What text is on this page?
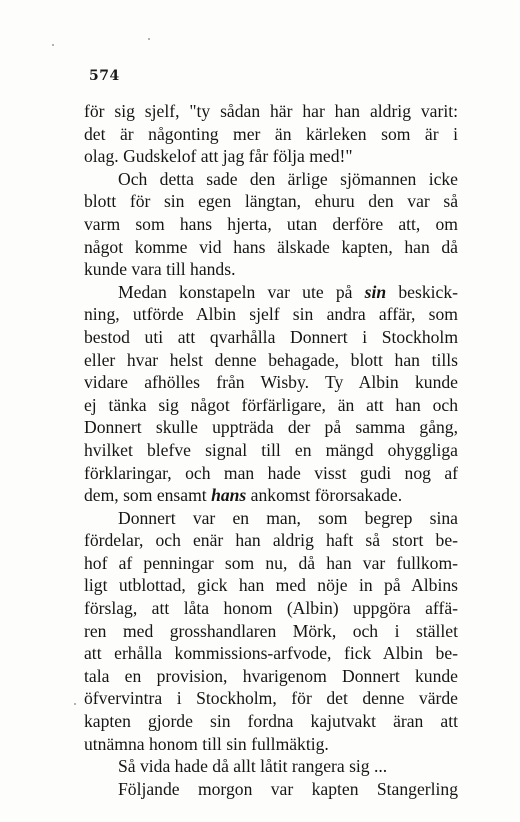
574
för sig sjelf, "ty sådan här har han aldrig varit:
det är någonting mer än kärleken som är i
olag. Gudskelof att jag får följa med!"
Och detta sade den ärlige sjömannen icke
blott för sin egen längtan, ehuru den var så
varm som hans hjerta, utan derföre att, om
något komme vid hans älskade kapten, han då
kunde vara till hands.
Medan konstapeln var ute på sin beskick-
ning, utförde Albin sjelf sin andra affär, som
bestod uti att qvarhålla Donnert i Stockholm
eller hvar helst denne behagade, blott han tills
vidare afhölles från Wisby. Ty Albin kunde
ej tänka sig något förfärligare, än att han och
Donnert skulle uppträda der på samma gång,
hvilket blefve signal till en mängd ohyggliga
förklaringar, och man hade visst gudi nog af
dem, som ensamt hans ankomst förorsakade.
Donnert var en man, som begrep sina
fördelar, och enär han aldrig haft så stort be-
hof af penningar som nu, då han var fullkom-
ligt utblottad, gick han med nöje in på Albins
förslag, att låta honom (Albin) uppgöra affä-
ren med grosshandlaren Mörk, och i stället
att erhålla kommissions-arfvode, fick Albin be-
tala en provision, hvarigenom Donnert kunde
öfvervintra i Stockholm, för det denne värde
kapten gjorde sin fordna kajutvakt äran att
utnämna honom till sin fullmäktig.
Så vida hade då allt låtit rangera sig ...
Följande morgon var kapten Stangerling
